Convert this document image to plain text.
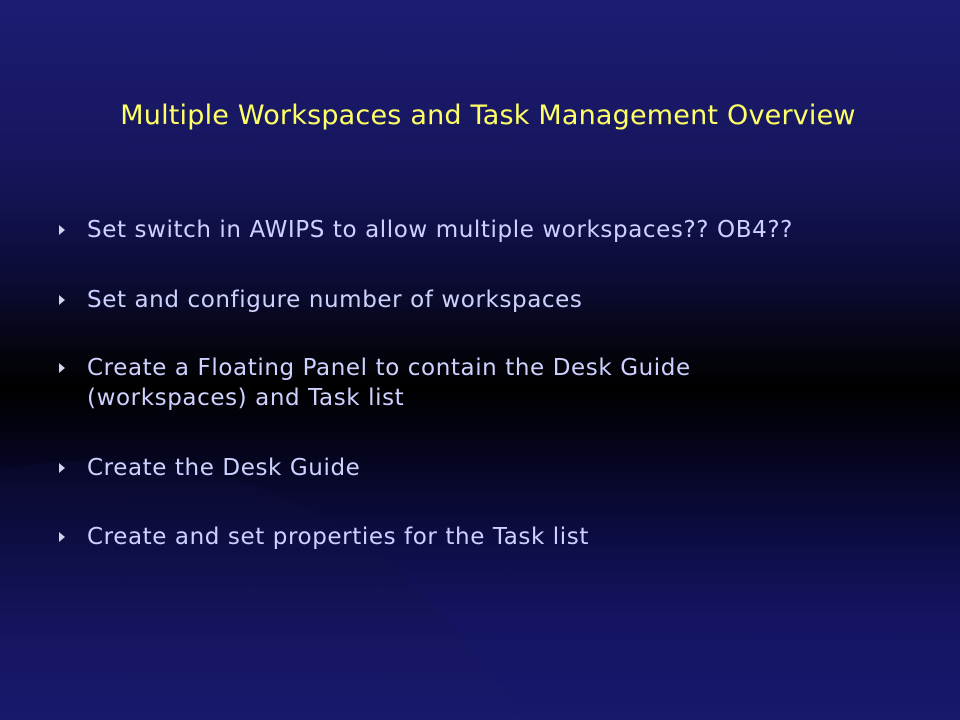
Multiple Workspaces and Task Management Overview
Set switch in AWIPS to allow multiple workspaces?? OB4??
Set and configure number of workspaces
Create a Floating Panel to contain the Desk Guide
(workspaces) and Task list
Create the Desk Guide
Create and set properties for the Task list
